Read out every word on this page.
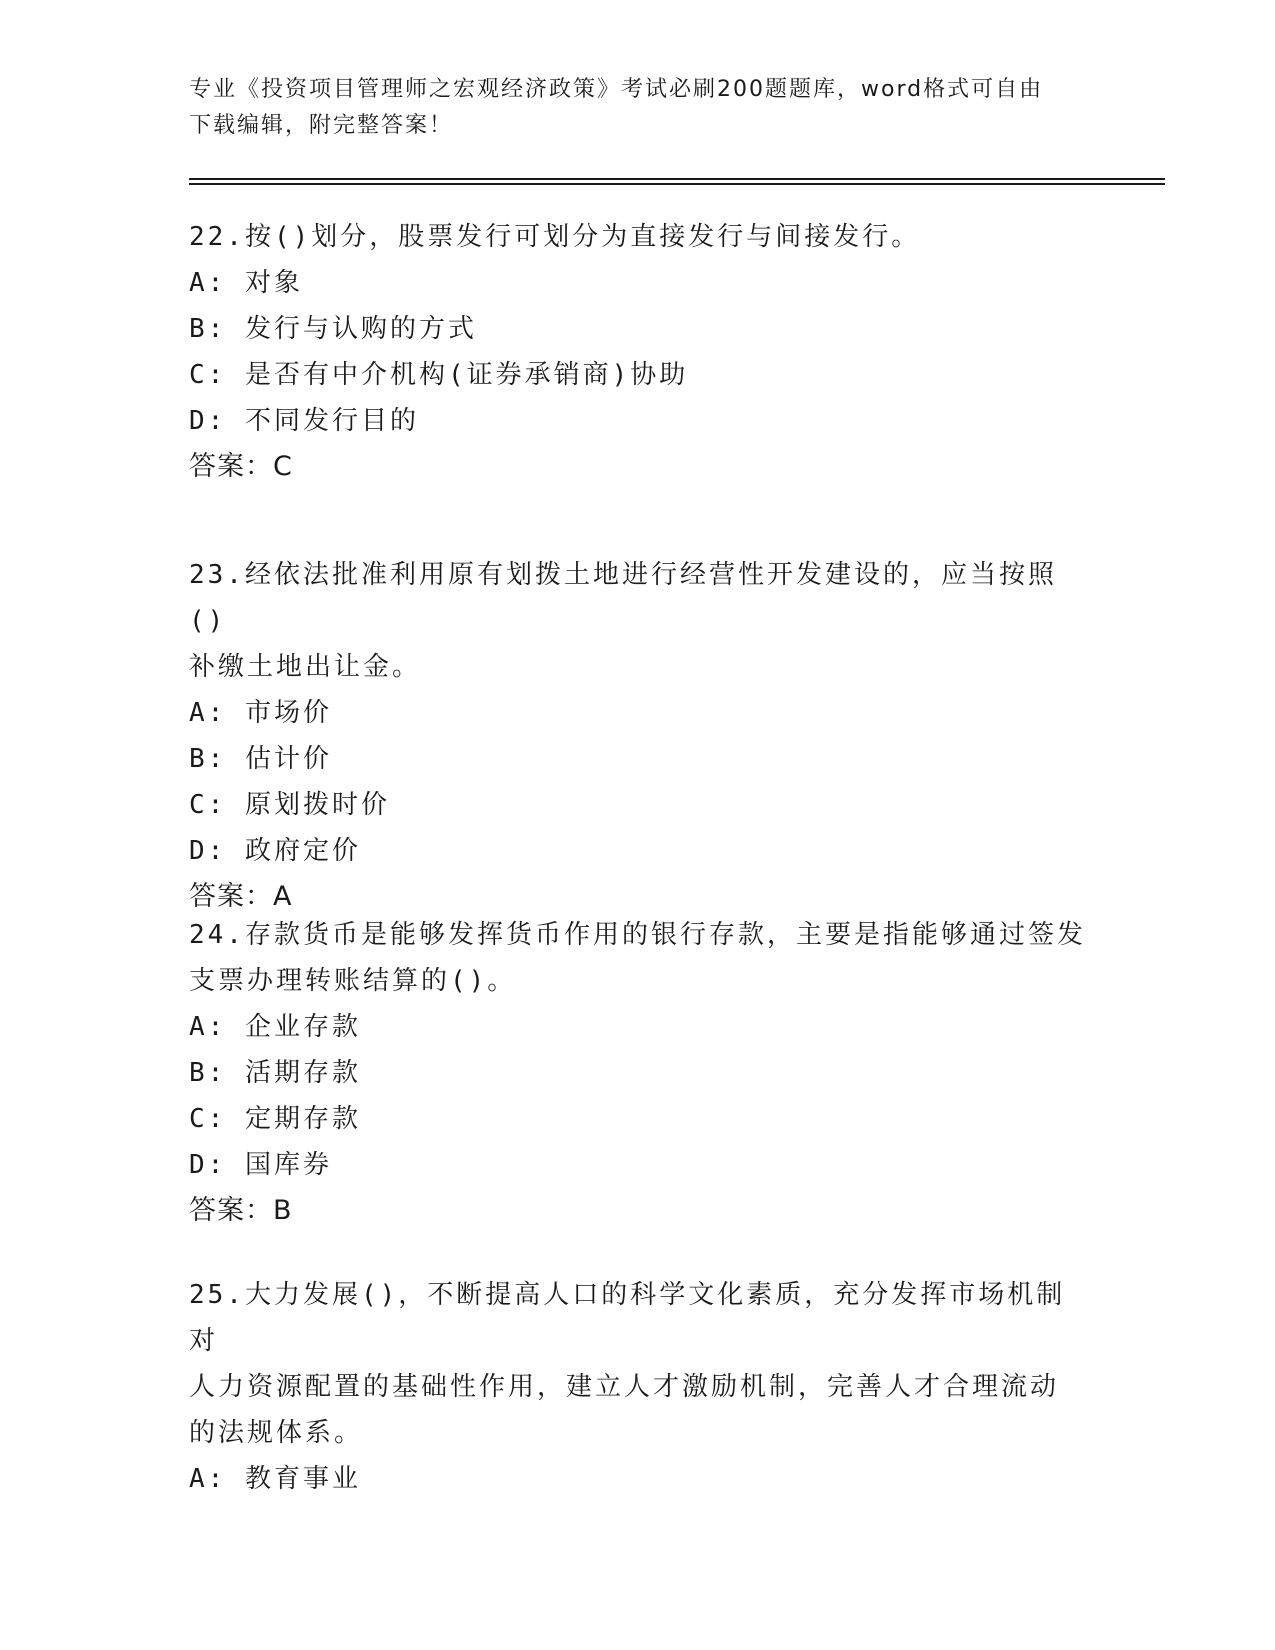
专业《投资项目管理师之宏观经济政策》考试必刷200题题库，word格式可自由
下载编辑，附完整答案！
22.按()划分，股票发行可划分为直接发行与间接发行。
A: 对象
B: 发行与认购的方式
C: 是否有中介机构(证券承销商)协助
D: 不同发行目的
答案：C
23.经依法批准利用原有划拨土地进行经营性开发建设的，应当按照()
补缴土地出让金。
A: 市场价
B: 估计价
C: 原划拨时价
D: 政府定价
答案：A
24.存款货币是能够发挥货币作用的银行存款，主要是指能够通过签发
支票办理转账结算的()。
A: 企业存款
B: 活期存款
C: 定期存款
D: 国库券
答案：B
25.大力发展()，不断提高人口的科学文化素质，充分发挥市场机制对
人力资源配置的基础性作用，建立人才激励机制，完善人才合理流动
的法规体系。
A: 教育事业
